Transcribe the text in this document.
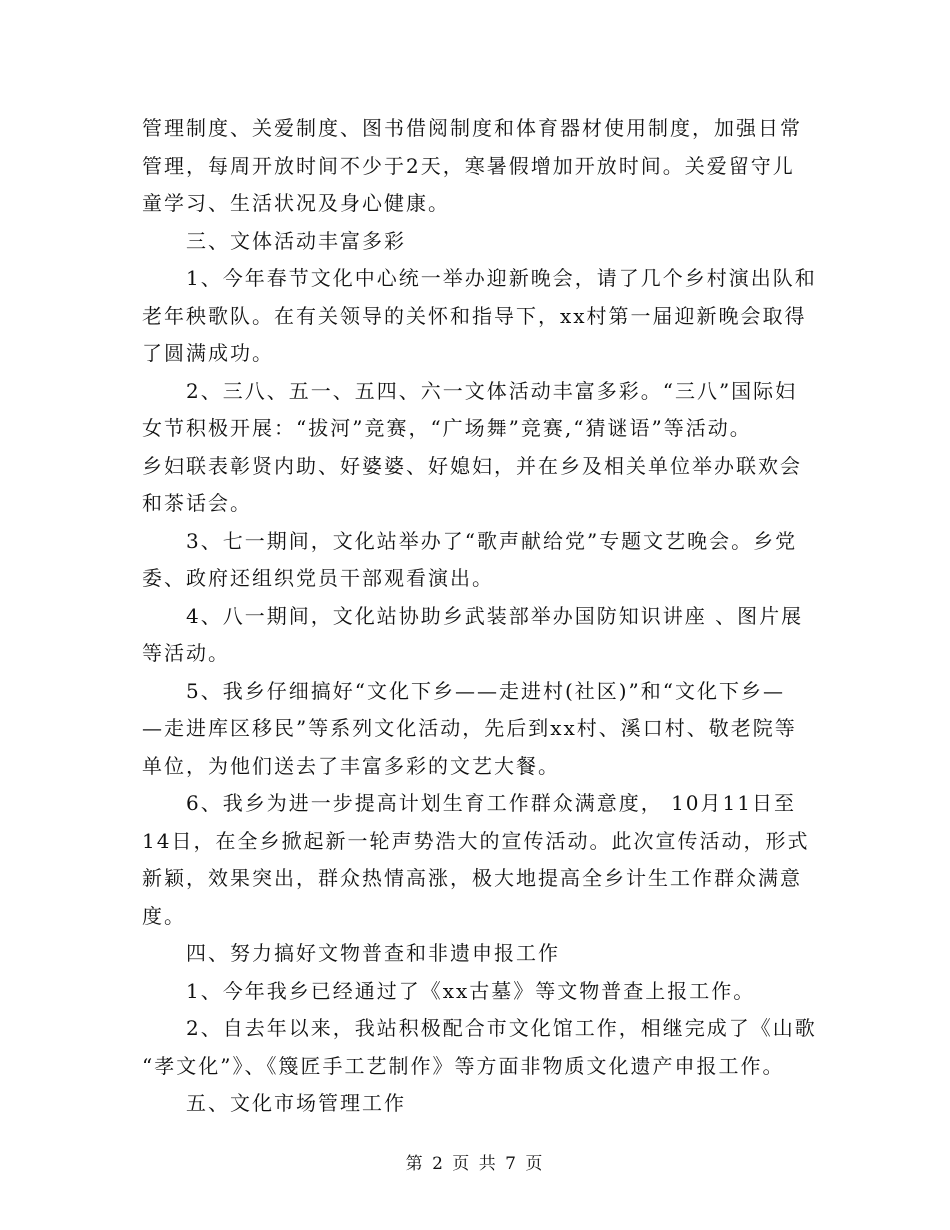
管理制度、关爱制度、图书借阅制度和体育器材使用制度，加强日常
管理，每周开放时间不少于2天，寒暑假增加开放时间。关爱留守儿
童学习、生活状况及身心健康。
三、文体活动丰富多彩
1、今年春节文化中心统一举办迎新晚会，请了几个乡村演出队和
老年秧歌队。在有关领导的关怀和指导下，xx村第一届迎新晚会取得
了圆满成功。
2、三八、五一、五四、六一文体活动丰富多彩。“三八”国际妇
女节积极开展：“拔河”竞赛，“广场舞”竞赛,“猜谜语”等活动。
乡妇联表彰贤内助、好婆婆、好媳妇，并在乡及相关单位举办联欢会
和茶话会。
3、七一期间，文化站举办了“歌声献给党”专题文艺晚会。乡党
委、政府还组织党员干部观看演出。
4、八一期间，文化站协助乡武装部举办国防知识讲座 、图片展
等活动。
5、我乡仔细搞好“文化下乡——走进村(社区)”和“文化下乡—
—走进库区移民”等系列文化活动，先后到xx村、溪口村、敬老院等
单位，为他们送去了丰富多彩的文艺大餐。
6、我乡为进一步提高计划生育工作群众满意度， 10月11日至
14日，在全乡掀起新一轮声势浩大的宣传活动。此次宣传活动，形式
新颖，效果突出，群众热情高涨，极大地提高全乡计生工作群众满意
度。
四、努力搞好文物普查和非遗申报工作
1、今年我乡已经通过了《xx古墓》等文物普查上报工作。
2、自去年以来，我站积极配合市文化馆工作，相继完成了《山歌
“孝文化”》、《篾匠手工艺制作》等方面非物质文化遗产申报工作。
五、文化市场管理工作
第 2 页 共 7 页
